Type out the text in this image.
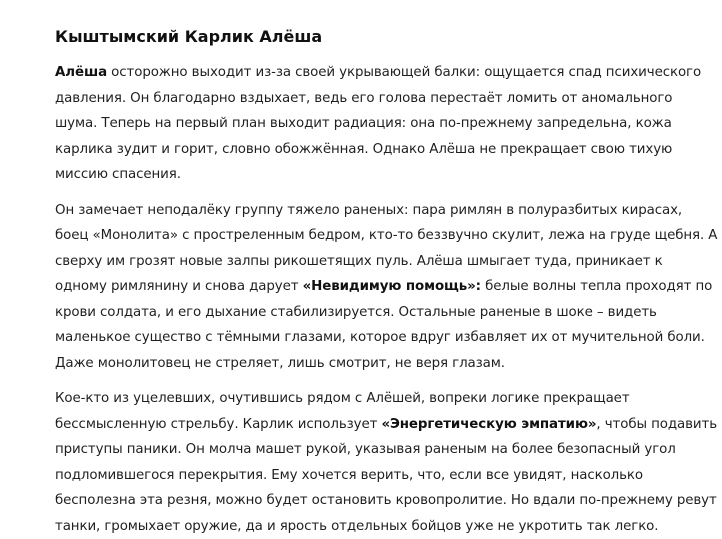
Кыштымский Карлик Алёша

Алёша осторожно выходит из-за своей укрывающей балки: ощущается спад психического давления. Он благодарно вздыхает, ведь его голова перестаёт ломить от аномального шума. Теперь на первый план выходит радиация: она по-прежнему запредельна, кожа карлика зудит и горит, словно обожжённая. Однако Алёша не прекращает свою тихую миссию спасения.

Он замечает неподалёку группу тяжело раненых: пара римлян в полуразбитых кирасах, боец «Монолита» с простреленным бедром, кто-то беззвучно скулит, лежа на груде щебня. А сверху им грозят новые залпы рикошетящих пуль. Алёша шмыгает туда, приникает к одному римлянину и снова дарует «Невидимую помощь»: белые волны тепла проходят по крови солдата, и его дыхание стабилизируется. Остальные раненые в шоке – видеть маленькое существо с тёмными глазами, которое вдруг избавляет их от мучительной боли. Даже монолитовец не стреляет, лишь смотрит, не веря глазам.

Кое-кто из уцелевших, очутившись рядом с Алёшей, вопреки логике прекращает бессмысленную стрельбу. Карлик использует «Энергетическую эмпатию», чтобы подавить приступы паники. Он молча машет рукой, указывая раненым на более безопасный угол подломившегося перекрытия. Ему хочется верить, что, если все увидят, насколько бесполезна эта резня, можно будет остановить кровопролитие. Но вдали по-прежнему ревут танки, громыхает оружие, да и ярость отдельных бойцов уже не укротить так легко.
